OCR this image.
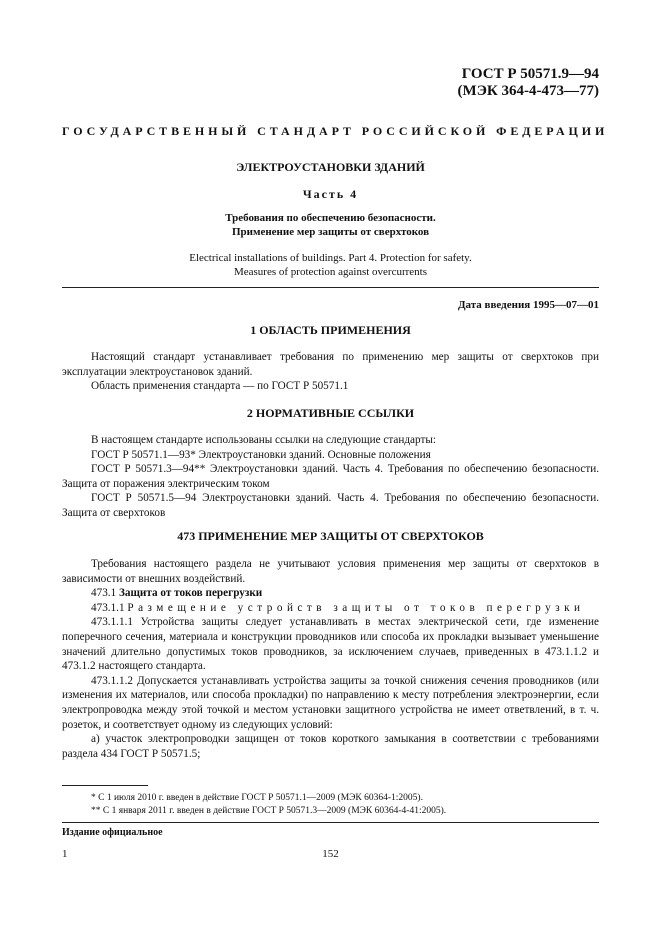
ГОСТ Р 50571.9—94
(МЭК 364-4-473—77)
ГОСУДАРСТВЕННЫЙ СТАНДАРТ РОССИЙСКОЙ ФЕДЕРАЦИИ
ЭЛЕКТРОУСТАНОВКИ ЗДАНИЙ
Часть 4
Требования по обеспечению безопасности.
Применение мер защиты от сверхтоков
Electrical installations of buildings. Part 4. Protection for safety.
Measures of protection against overcurrents
Дата введения 1995—07—01
1 ОБЛАСТЬ ПРИМЕНЕНИЯ

Настоящий стандарт устанавливает требования по применению мер защиты от сверхтоков при эксплуатации электроустановок зданий.

Область применения стандарта — по ГОСТ Р 50571.1

2 НОРМАТИВНЫЕ ССЫЛКИ

В настоящем стандарте использованы ссылки на следующие стандарты:

ГОСТ Р 50571.1—93* Электроустановки зданий. Основные положения

ГОСТ Р 50571.3—94** Электроустановки зданий. Часть 4. Требования по обеспечению безопасности. Защита от поражения электрическим током

ГОСТ Р 50571.5—94 Электроустановки зданий. Часть 4. Требования по обеспечению безопасности. Защита от сверхтоков

473 ПРИМЕНЕНИЕ МЕР ЗАЩИТЫ ОТ СВЕРХТОКОВ

Требования настоящего раздела не учитывают условия применения мер защиты от сверхтоков в зависимости от внешних воздействий.

473.1 Защита от токов перегрузки

473.1.1 Размещение устройств защиты от токов перегрузки

473.1.1.1 Устройства защиты следует устанавливать в местах электрической сети, где изменение поперечного сечения, материала и конструкции проводников или способа их прокладки вызывает уменьшение значений длительно допустимых токов проводников, за исключением случаев, приведенных в 473.1.1.2 и 473.1.2 настоящего стандарта.

473.1.1.2 Допускается устанавливать устройства защиты за точкой снижения сечения проводников (или изменения их материалов, или способа прокладки) по направлению к месту потребления электроэнергии, если электропроводка между этой точкой и местом установки защитного устройства не имеет ответвлений, в т. ч. розеток, и соответствует одному из следующих условий:

а) участок электропроводки защищен от токов короткого замыкания в соответствии с требованиями раздела 434 ГОСТ Р 50571.5;

* С 1 июля 2010 г. введен в действие ГОСТ Р 50571.1—2009 (МЭК 60364-1:2005).

** С 1 января 2011 г. введен в действие ГОСТ Р 50571.3—2009 (МЭК 60364-4-41:2005).

Издание официальное
1	152
